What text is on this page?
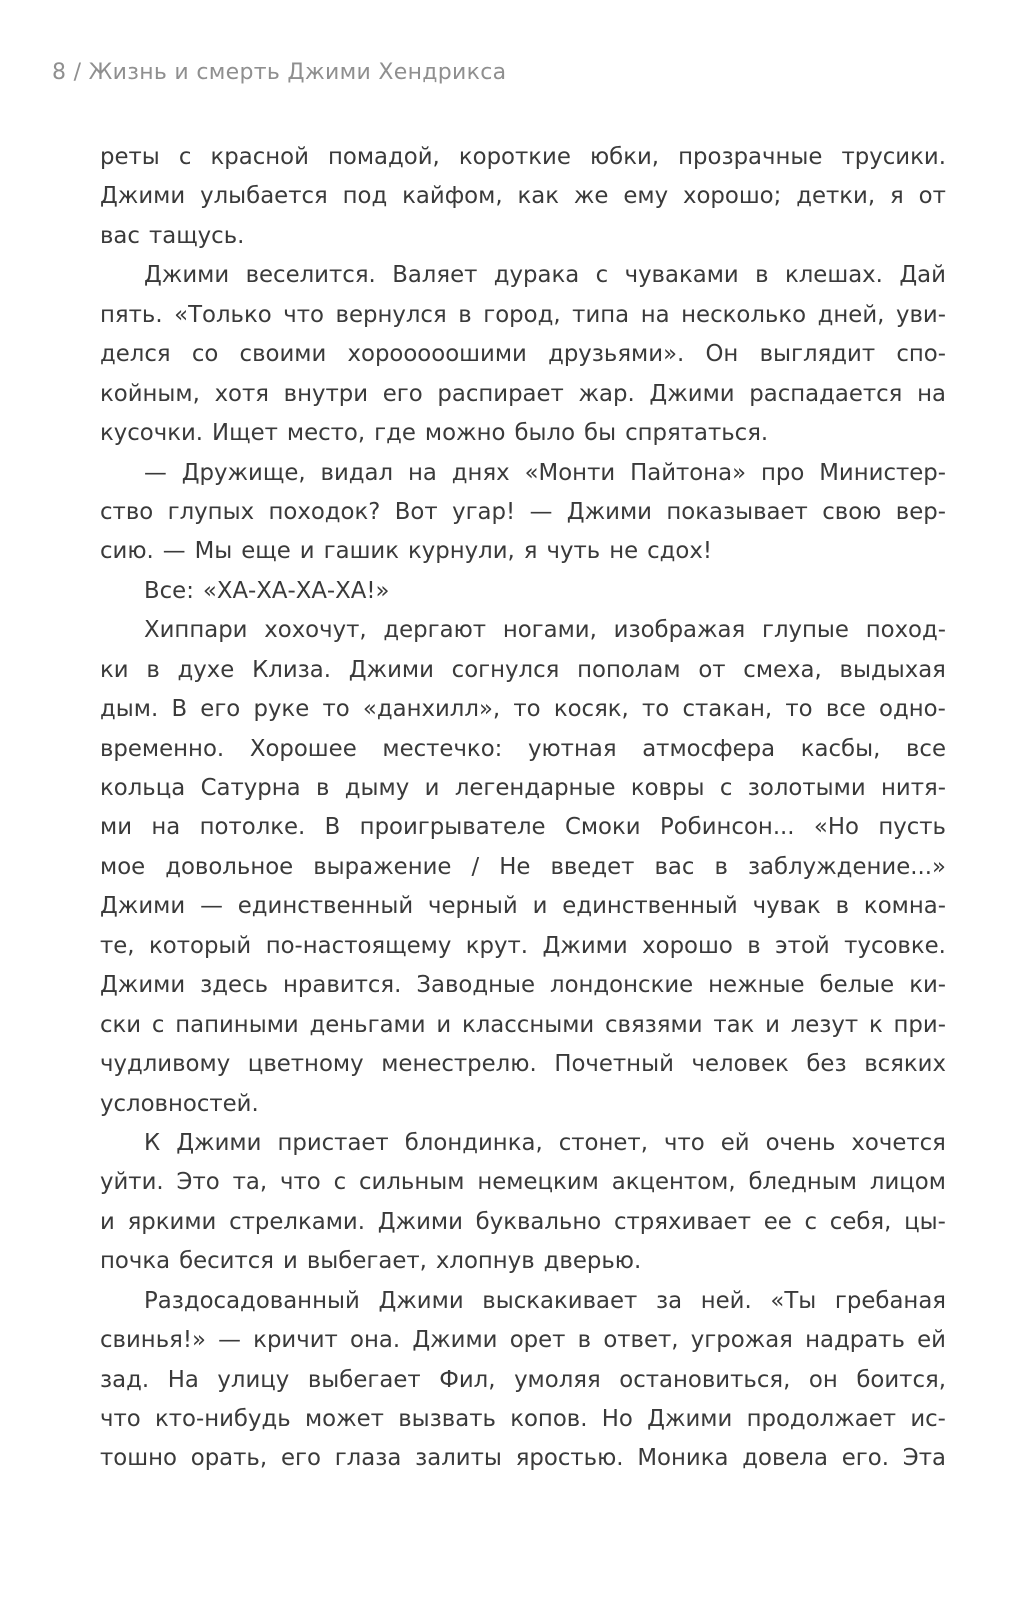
8 / Жизнь и смерть Джими Хендрикса
реты с красной помадой, короткие юбки, прозрачные трусики.
Джими улыбается под кайфом, как же ему хорошо; детки, я от
вас тащусь.
Джими веселится. Валяет дурака с чуваками в клешах. Дай
пять. «Только что вернулся в город, типа на несколько дней, уви-
делся со своими хорооооошими друзьями». Он выглядит спо-
койным, хотя внутри его распирает жар. Джими распадается на
кусочки. Ищет место, где можно было бы спрятаться.
— Дружище, видал на днях «Монти Пайтона» про Министер-
ство глупых походок? Вот угар! — Джими показывает свою вер-
сию. — Мы еще и гашик курнули, я чуть не сдох!
Все: «ХА-ХА-ХА-ХА!»
Хиппари хохочут, дергают ногами, изображая глупые поход-
ки в духе Клиза. Джими согнулся пополам от смеха, выдыхая
дым. В его руке то «данхилл», то косяк, то стакан, то все одно-
временно. Хорошее местечко: уютная атмосфера касбы, все
кольца Сатурна в дыму и легендарные ковры с золотыми нитя-
ми на потолке. В проигрывателе Смоки Робинсон... «Но пусть
мое довольное выражение / Не введет вас в заблуждение...»
Джими — единственный черный и единственный чувак в комна-
те, который по-настоящему крут. Джими хорошо в этой тусовке.
Джими здесь нравится. Заводные лондонские нежные белые ки-
ски с папиными деньгами и классными связями так и лезут к при-
чудливому цветному менестрелю. Почетный человек без всяких
условностей.
К Джими пристает блондинка, стонет, что ей очень хочется
уйти. Это та, что с сильным немецким акцентом, бледным лицом
и яркими стрелками. Джими буквально стряхивает ее с себя, цы-
почка бесится и выбегает, хлопнув дверью.
Раздосадованный Джими выскакивает за ней. «Ты гребаная
свинья!» — кричит она. Джими орет в ответ, угрожая надрать ей
зад. На улицу выбегает Фил, умоляя остановиться, он боится,
что кто-нибудь может вызвать копов. Но Джими продолжает ис-
тошно орать, его глаза залиты яростью. Моника довела его. Эта
